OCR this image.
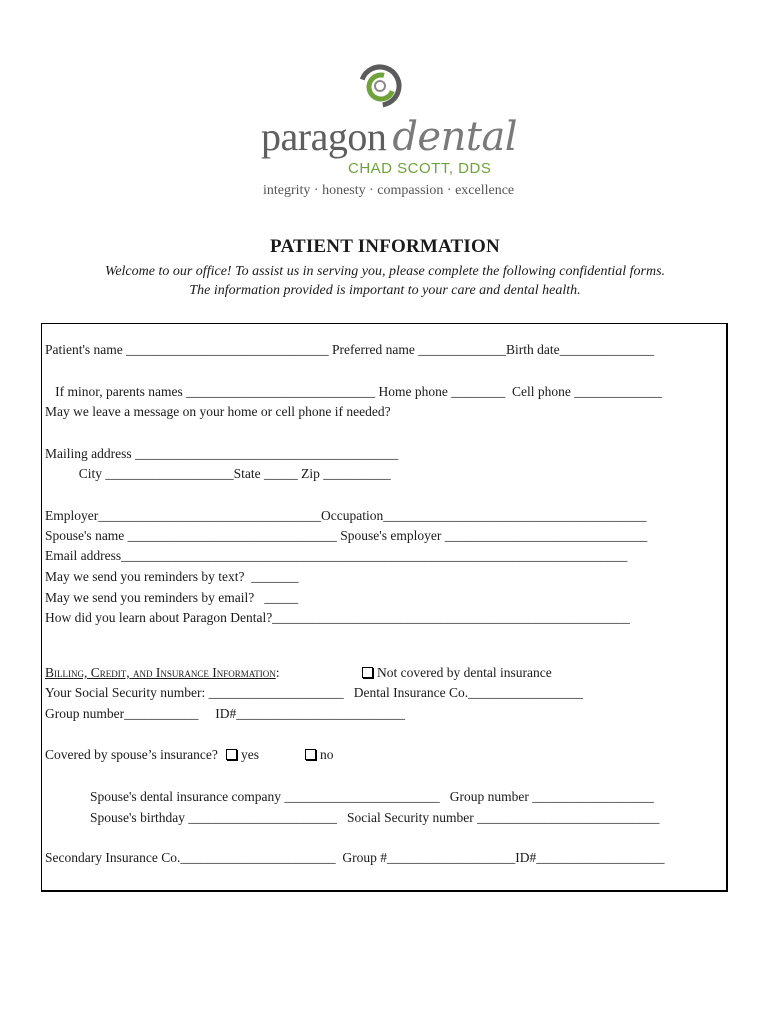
paragon dental
CHAD SCOTT, DDS
integrity · honesty · compassion · excellence
PATIENT INFORMATION
Welcome to our office! To assist us in serving you, please complete the following confidential forms.
The information provided is important to your care and dental health.
Patient's name ______________________________ Preferred name _____________Birth date______________
If minor, parents names ____________________________ Home phone ________  Cell phone _____________
May we leave a message on your home or cell phone if needed?
Mailing address _______________________________________
City ___________________State _____ Zip __________
Employer_________________________________Occupation_______________________________________
Spouse's name _______________________________ Spouse's employer ______________________________
Email address___________________________________________________________________________
May we send you reminders by text?  _______
May we send you reminders by email?   _____
How did you learn about Paragon Dental?_____________________________________________________
Billing, Credit, and Insurance Information:	Not covered by dental insurance
Your Social Security number: ____________________   Dental Insurance Co._________________
Group number___________     ID#_________________________
Covered by spouse’s insurance?	yes	no
Spouse's dental insurance company _______________________   Group number __________________
Spouse's birthday ______________________   Social Security number ___________________________
Secondary Insurance Co._______________________  Group #___________________ID#___________________
